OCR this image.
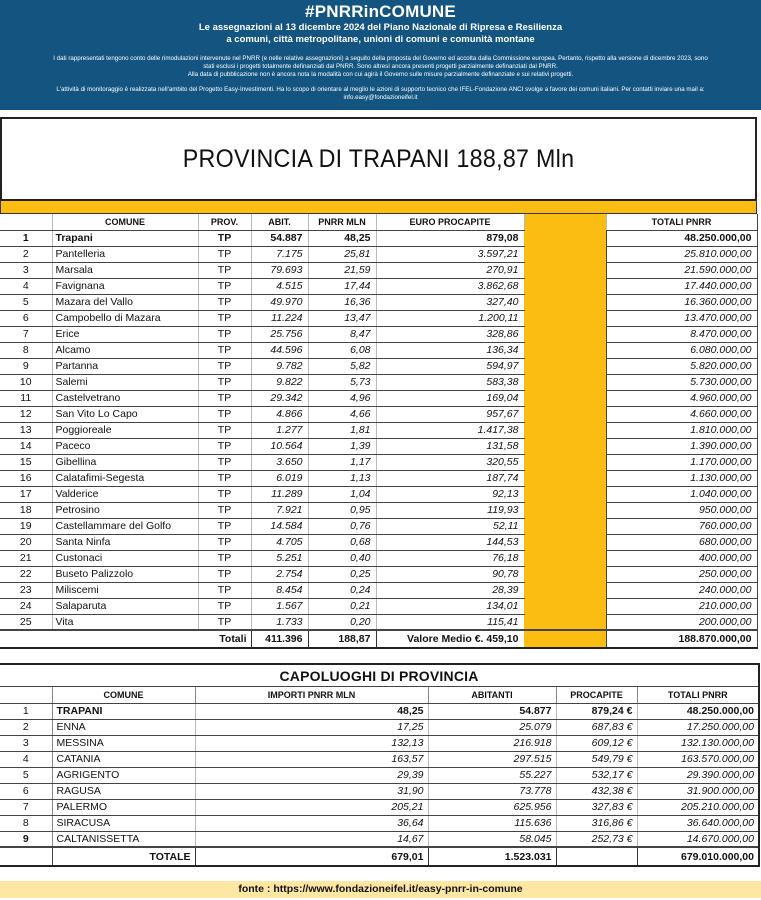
#PNRRinCOMUNE
Le assegnazioni al 13 dicembre 2024 del Piano Nazionale di Ripresa e Resilienza
a comuni, città metropolitane, unioni di comuni e comunità montane
I dati rappresentati tengono conto delle rimodulazioni intervenute nel PNRR (e nelle relative assegnazioni) a seguito della proposta del Governo ed accolta dalla Commissione europea. Pertanto, rispetto alla versione di dicembre 2023, sono
stati esclusi i progetti totalmente definanziati dal PNRR. Sono altresì ancora presenti progetti parzialmente definanziati dal PNRR.
Alla data di pubblicazione non è ancora nota la modalità con cui agirà il Governo sulle misure parzialmente definanziate e sui relativi progetti.
L'attività di monitoraggio è realizzata nell'ambito del Progetto Easy-Investimenti. Ha lo scopo di orientare al meglio le azioni di supporto tecnico che IFEL-Fondazione ANCI svolge a favore dei comuni italiani. Per contatti inviare una mail a:
info.easy@fondazioneifel.it
PROVINCIA DI TRAPANI 188,87 Mln
	COMUNE	PROV.	ABIT.	PNRR MLN	EURO PROCAPITE		TOTALI PNRR
1	Trapani	TP	54.887	48,25	879,08		48.250.000,00
2	Pantelleria	TP	7.175	25,81	3.597,21		25.810.000,00
3	Marsala	TP	79.693	21,59	270,91		21.590.000,00
4	Favignana	TP	4.515	17,44	3.862,68		17.440.000,00
5	Mazara del Vallo	TP	49.970	16,36	327,40		16.360.000,00
6	Campobello di Mazara	TP	11.224	13,47	1.200,11		13.470.000,00
7	Erice	TP	25.756	8,47	328,86		8.470.000,00
8	Alcamo	TP	44.596	6,08	136,34		6.080.000,00
9	Partanna	TP	9.782	5,82	594,97		5.820.000,00
10	Salemi	TP	9.822	5,73	583,38		5.730.000,00
11	Castelvetrano	TP	29.342	4,96	169,04		4.960.000,00
12	San Vito Lo Capo	TP	4.866	4,66	957,67		4.660.000,00
13	Poggioreale	TP	1.277	1,81	1.417,38		1.810.000,00
14	Paceco	TP	10.564	1,39	131,58		1.390.000,00
15	Gibellina	TP	3.650	1,17	320,55		1.170.000,00
16	Calatafimi-Segesta	TP	6.019	1,13	187,74		1.130.000,00
17	Valderice	TP	11.289	1,04	92,13		1.040.000,00
18	Petrosino	TP	7.921	0,95	119,93		950.000,00
19	Castellammare del Golfo	TP	14.584	0,76	52,11		760.000,00
20	Santa Ninfa	TP	4.705	0,68	144,53		680.000,00
21	Custonaci	TP	5.251	0,40	76,18		400.000,00
22	Buseto Palizzolo	TP	2.754	0,25	90,78		250.000,00
23	Miliscemi	TP	8.454	0,24	28,39		240.000,00
24	Salaparuta	TP	1.567	0,21	134,01		210.000,00
25	Vita	TP	1.733	0,20	115,41		200.000,00
Totali			411.396	188,87	Valore Medio €. 459,10		188.870.000,00
CAPOLUOGHI DI PROVINCIA
	COMUNE	IMPORTI PNRR MLN	ABITANTI	PROCAPITE	TOTALI PNRR
1	TRAPANI	48,25	54.877	879,24 €	48.250.000,00
2	ENNA	17,25	25.079	687,83 €	17.250.000,00
3	MESSINA	132,13	216.918	609,12 €	132.130.000,00
4	CATANIA	163,57	297.515	549,79 €	163.570.000,00
5	AGRIGENTO	29,39	55.227	532,17 €	29.390.000,00
6	RAGUSA	31,90	73.778	432,38 €	31.900.000,00
7	PALERMO	205,21	625.956	327,83 €	205.210.000,00
8	SIRACUSA	36,64	115.636	316,86 €	36.640.000,00
9	CALTANISSETTA	14,67	58.045	252,73 €	14.670.000,00
	TOTALE	679,01	1.523.031		679.010.000,00
fonte : https://www.fondazioneifel.it/easy-pnrr-in-comune
